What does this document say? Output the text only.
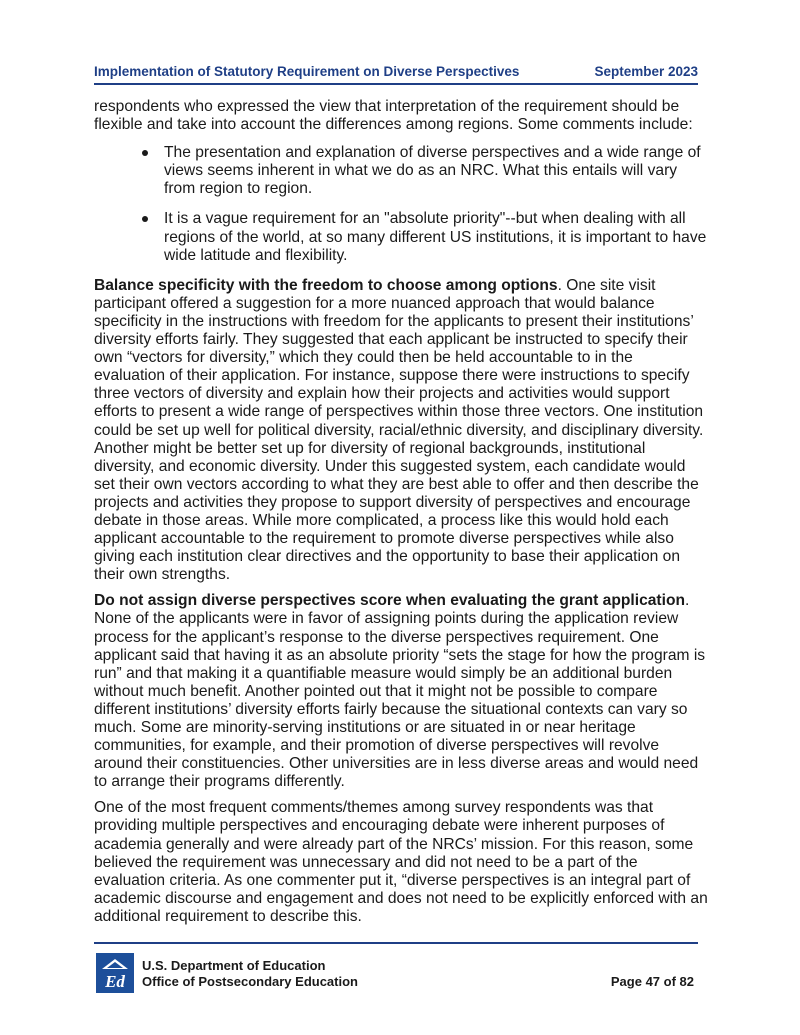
Implementation of Statutory Requirement on Diverse Perspectives	September 2023

respondents who expressed the view that interpretation of the requirement should be flexible and take into account the differences among regions. Some comments include:

The presentation and explanation of diverse perspectives and a wide range of views seems inherent in what we do as an NRC. What this entails will vary from region to region.
It is a vague requirement for an "absolute priority"--but when dealing with all regions of the world, at so many different US institutions, it is important to have wide latitude and flexibility.

Balance specificity with the freedom to choose among options. One site visit participant offered a suggestion for a more nuanced approach that would balance specificity in the instructions with freedom for the applicants to present their institutions’ diversity efforts fairly. They suggested that each applicant be instructed to specify their own “vectors for diversity,” which they could then be held accountable to in the evaluation of their application. For instance, suppose there were instructions to specify three vectors of diversity and explain how their projects and activities would support efforts to present a wide range of perspectives within those three vectors. One institution could be set up well for political diversity, racial/ethnic diversity, and disciplinary diversity. Another might be better set up for diversity of regional backgrounds, institutional diversity, and economic diversity. Under this suggested system, each candidate would set their own vectors according to what they are best able to offer and then describe the projects and activities they propose to support diversity of perspectives and encourage debate in those areas. While more complicated, a process like this would hold each applicant accountable to the requirement to promote diverse perspectives while also giving each institution clear directives and the opportunity to base their application on their own strengths.

Do not assign diverse perspectives score when evaluating the grant application. None of the applicants were in favor of assigning points during the application review process for the applicant’s response to the diverse perspectives requirement. One applicant said that having it as an absolute priority “sets the stage for how the program is run” and that making it a quantifiable measure would simply be an additional burden without much benefit. Another pointed out that it might not be possible to compare different institutions’ diversity efforts fairly because the situational contexts can vary so much. Some are minority-serving institutions or are situated in or near heritage communities, for example, and their promotion of diverse perspectives will revolve around their constituencies. Other universities are in less diverse areas and would need to arrange their programs differently.

One of the most frequent comments/themes among survey respondents was that providing multiple perspectives and encouraging debate were inherent purposes of academia generally and were already part of the NRCs’ mission. For this reason, some believed the requirement was unnecessary and did not need to be a part of the evaluation criteria. As one commenter put it, “diverse perspectives is an integral part of academic discourse and engagement and does not need to be explicitly enforced with an additional requirement to describe this.

Ed
U.S. Department of Education
Office of Postsecondary Education	Page 47 of 82
